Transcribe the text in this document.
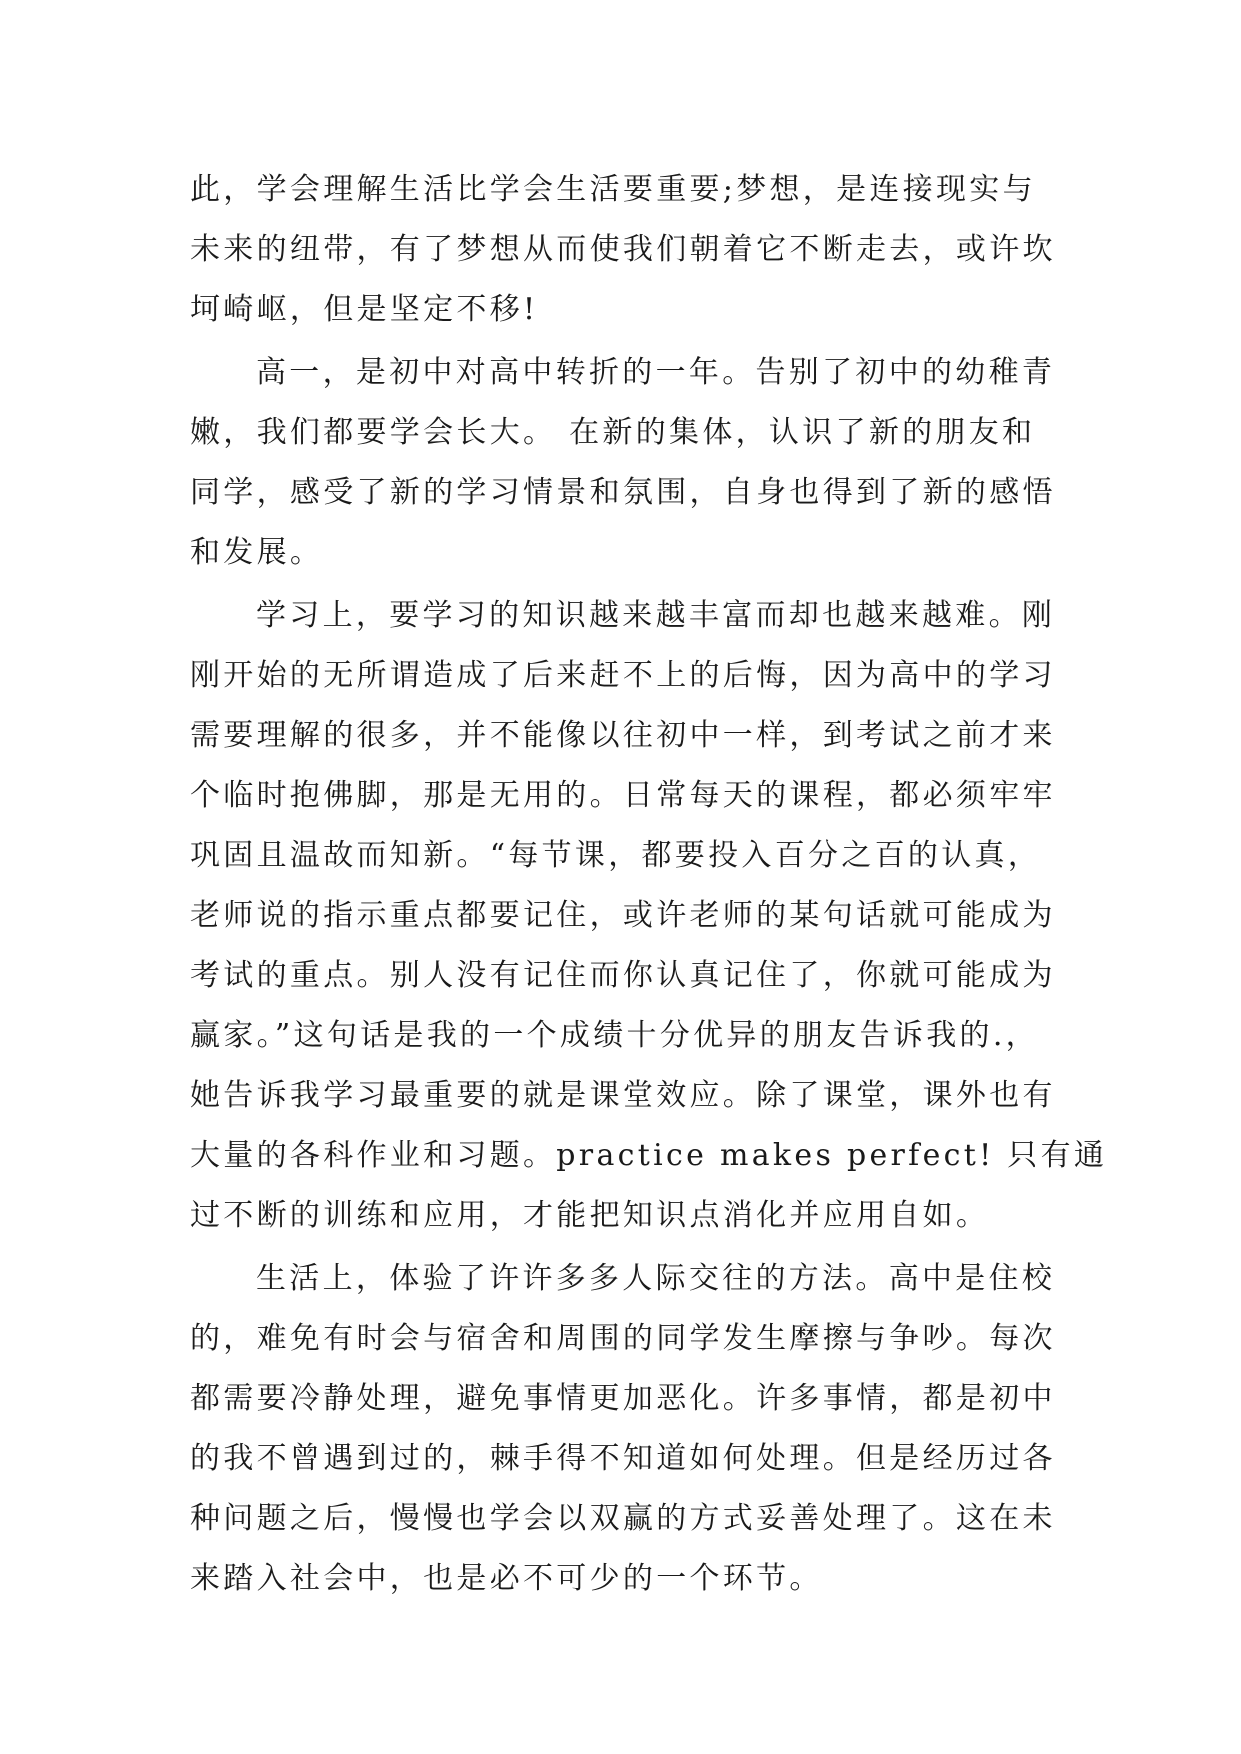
此，学会理解生活比学会生活要重要;梦想，是连接现实与
未来的纽带，有了梦想从而使我们朝着它不断走去，或许坎
坷崎岖，但是坚定不移!
高一，是初中对高中转折的一年。告别了初中的幼稚青
嫩，我们都要学会长大。 在新的集体，认识了新的朋友和
同学，感受了新的学习情景和氛围，自身也得到了新的感悟
和发展。
学习上，要学习的知识越来越丰富而却也越来越难。刚
刚开始的无所谓造成了后来赶不上的后悔，因为高中的学习
需要理解的很多，并不能像以往初中一样，到考试之前才来
个临时抱佛脚，那是无用的。日常每天的课程，都必须牢牢
巩固且温故而知新。“每节课，都要投入百分之百的认真，
老师说的指示重点都要记住，或许老师的某句话就可能成为
考试的重点。别人没有记住而你认真记住了，你就可能成为
赢家。”这句话是我的一个成绩十分优异的朋友告诉我的.，
她告诉我学习最重要的就是课堂效应。除了课堂，课外也有
大量的各科作业和习题。practice makes perfect! 只有通
过不断的训练和应用，才能把知识点消化并应用自如。
生活上，体验了许许多多人际交往的方法。高中是住校
的，难免有时会与宿舍和周围的同学发生摩擦与争吵。每次
都需要冷静处理，避免事情更加恶化。许多事情，都是初中
的我不曾遇到过的，棘手得不知道如何处理。但是经历过各
种问题之后，慢慢也学会以双赢的方式妥善处理了。这在未
来踏入社会中，也是必不可少的一个环节。
